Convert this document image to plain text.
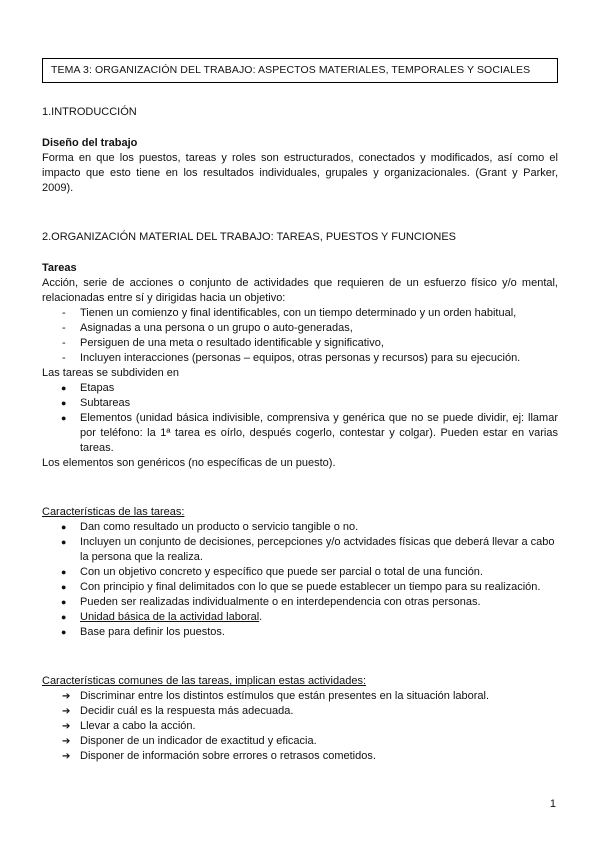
TEMA 3: ORGANIZACIÓN DEL TRABAJO: ASPECTOS MATERIALES, TEMPORALES Y SOCIALES
1.INTRODUCCIÓN
Diseño del trabajo
Forma en que los puestos, tareas y roles son estructurados, conectados y modificados, así como el impacto que esto tiene en los resultados individuales, grupales y organizacionales. (Grant y Parker, 2009).
2.ORGANIZACIÓN MATERIAL DEL TRABAJO: TAREAS, PUESTOS Y FUNCIONES
Tareas
Acción, serie de acciones o conjunto de actividades que requieren de un esfuerzo físico y/o mental, relacionadas entre sí y dirigidas hacia un objetivo:
- Tienen un comienzo y final identificables, con un tiempo determinado y un orden habitual,
- Asignadas a una persona o un grupo o auto-generadas,
- Persiguen de una meta o resultado identificable y significativo,
- Incluyen interacciones (personas – equipos, otras personas y recursos) para su ejecución.
Las tareas se subdividen en
● Etapas
● Subtareas
● Elementos (unidad básica indivisible, comprensiva y genérica que no se puede dividir, ej: llamar por teléfono: la 1ª tarea es oírlo, después cogerlo, contestar y colgar). Pueden estar en varias tareas.
Los elementos son genéricos (no específicas de un puesto).
Características de las tareas:
● Dan como resultado un producto o servicio tangible o no.
● Incluyen un conjunto de decisiones, percepciones y/o actvidades físicas que deberá llevar a cabo la persona que la realiza.
● Con un objetivo concreto y específico que puede ser parcial o total de una función.
● Con principio y final delimitados con lo que se puede establecer un tiempo para su realización.
● Pueden ser realizadas individualmente o en interdependencia con otras personas.
● Unidad básica de la actividad laboral.
● Base para definir los puestos.
Características comunes de las tareas, implican estas actividades:
➔ Discriminar entre los distintos estímulos que están presentes en la situación laboral.
➔ Decidir cuál es la respuesta más adecuada.
➔ Llevar a cabo la acción.
➔ Disponer de un indicador de exactitud y eficacia.
➔ Disponer de información sobre errores o retrasos cometidos.
1
